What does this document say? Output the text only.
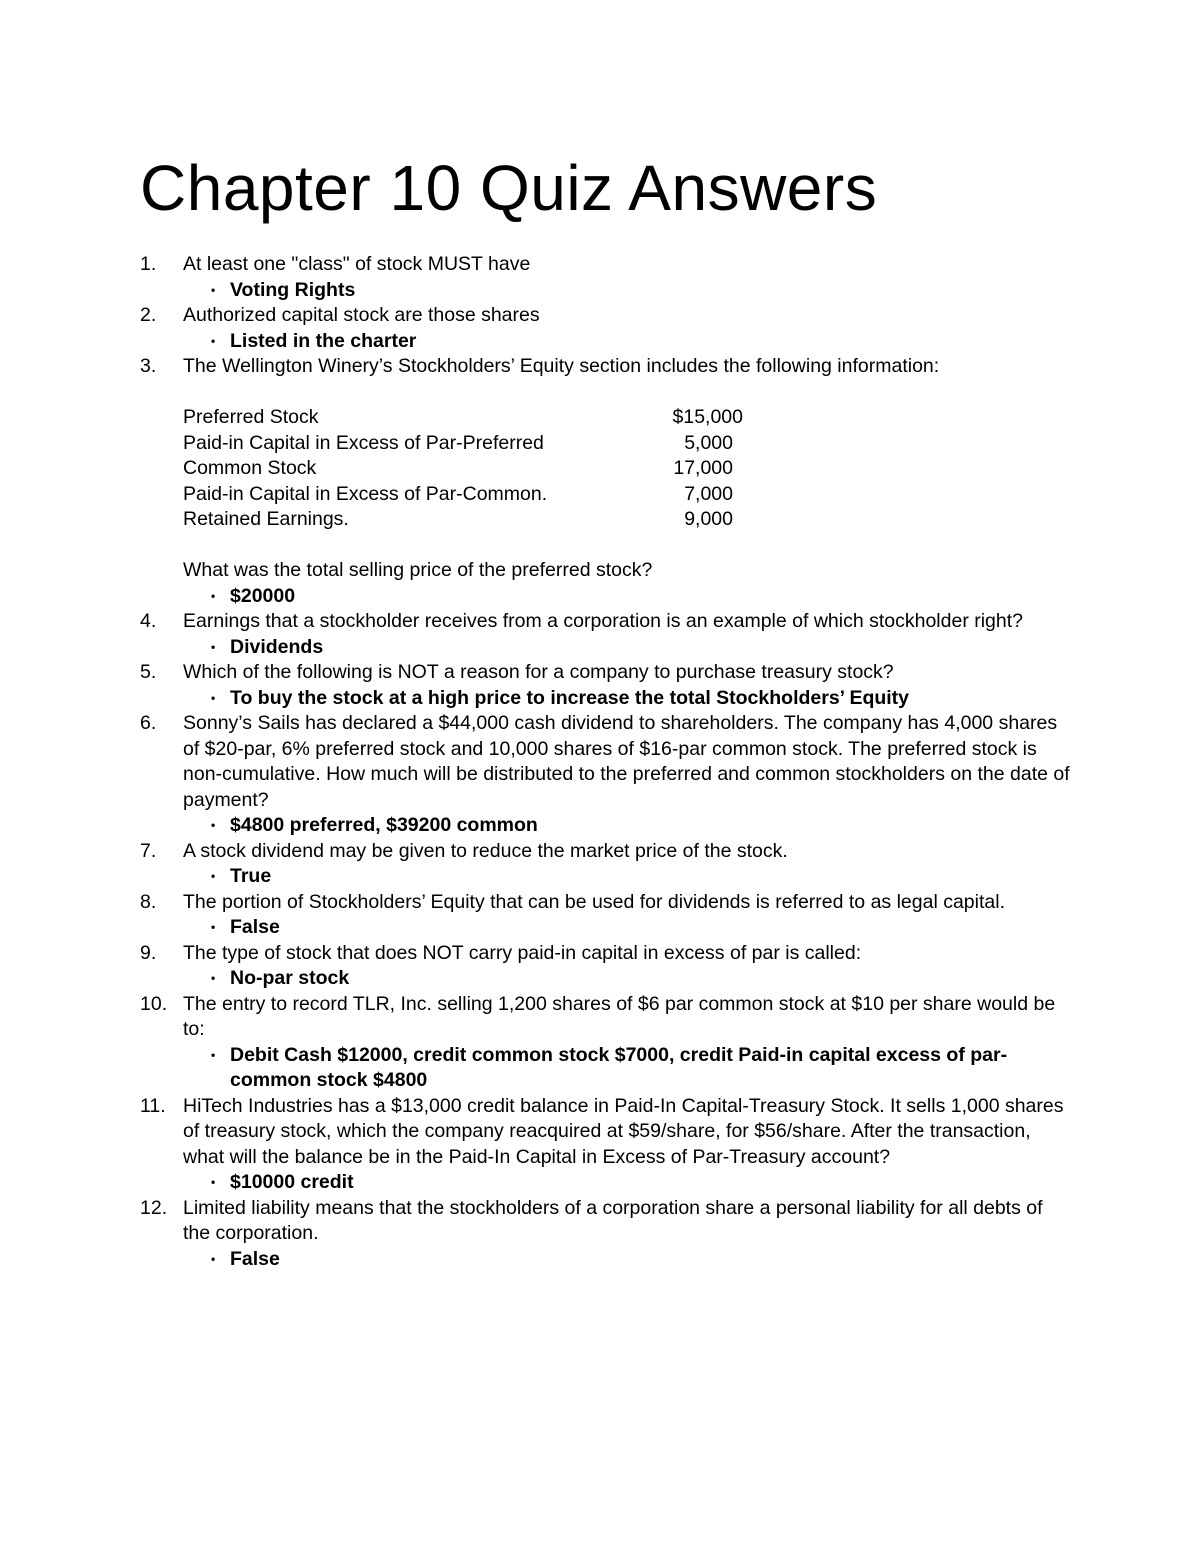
Chapter 10 Quiz Answers
1. At least one "class" of stock MUST have
• Voting Rights
2. Authorized capital stock are those shares
• Listed in the charter
3. The Wellington Winery’s Stockholders’ Equity section includes the following information:
Preferred Stock	$15,000
Paid-in Capital in Excess of Par-Preferred	5,000
Common Stock	17,000
Paid-in Capital in Excess of Par-Common.	7,000
Retained Earnings.	9,000
What was the total selling price of the preferred stock?
• $20000
4. Earnings that a stockholder receives from a corporation is an example of which stockholder right?
• Dividends
5. Which of the following is NOT a reason for a company to purchase treasury stock?
• To buy the stock at a high price to increase the total Stockholders’ Equity
6. Sonny’s Sails has declared a $44,000 cash dividend to shareholders. The company has 4,000 shares of $20-par, 6% preferred stock and 10,000 shares of $16-par common stock. The preferred stock is non-cumulative. How much will be distributed to the preferred and common stockholders on the date of payment?
• $4800 preferred, $39200 common
7. A stock dividend may be given to reduce the market price of the stock.
• True
8. The portion of Stockholders’ Equity that can be used for dividends is referred to as legal capital.
• False
9. The type of stock that does NOT carry paid-in capital in excess of par is called:
• No-par stock
10. The entry to record TLR, Inc. selling 1,200 shares of $6 par common stock at $10 per share would be to:
• Debit Cash $12000, credit common stock $7000, credit Paid-in capital excess of par-common stock $4800
11. HiTech Industries has a $13,000 credit balance in Paid-In Capital-Treasury Stock. It sells 1,000 shares of treasury stock, which the company reacquired at $59/share, for $56/share. After the transaction, what will the balance be in the Paid-In Capital in Excess of Par-Treasury account?
• $10000 credit
12. Limited liability means that the stockholders of a corporation share a personal liability for all debts of the corporation.
• False
